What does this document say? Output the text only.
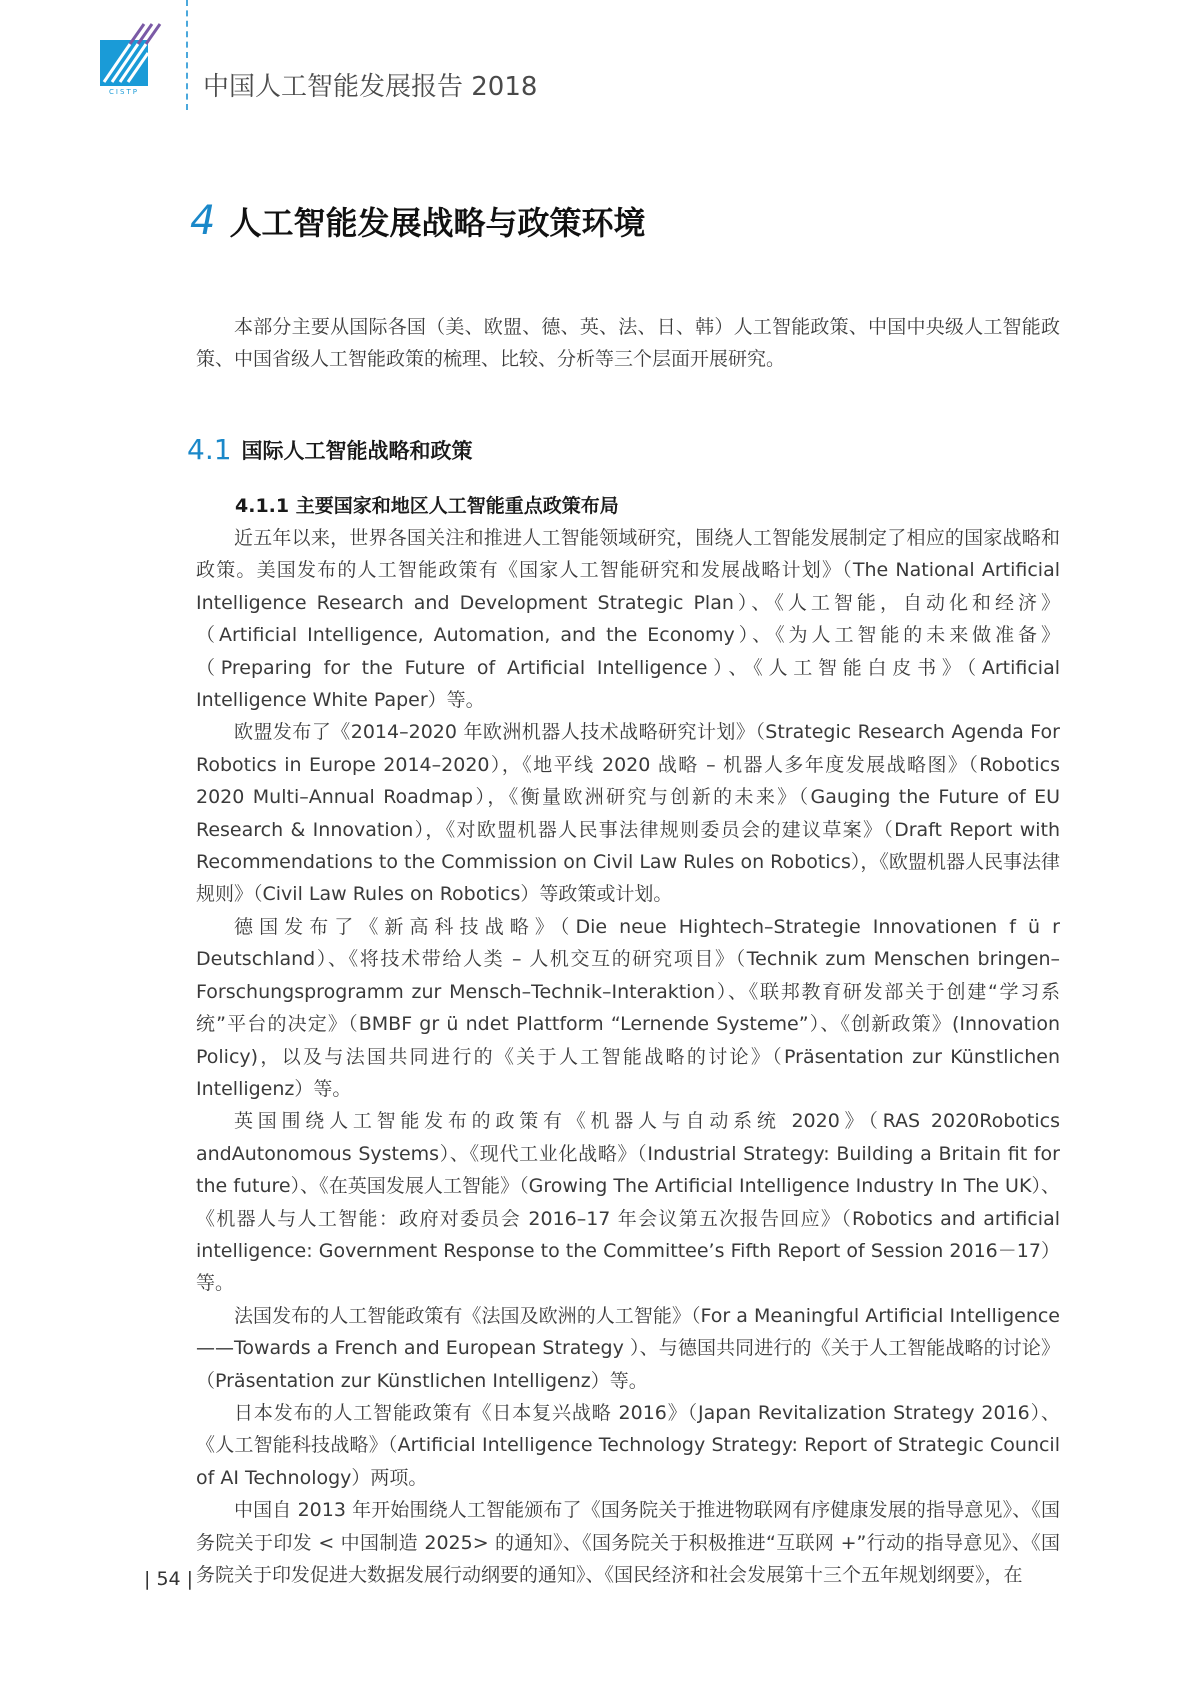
CISTP	中国人工智能发展报告 2018
4 人工智能发展战略与政策环境

本部分主要从国际各国（美、欧盟、德、英、法、日、韩）人工智能政策、中国中央级人工智能政策、中国省级人工智能政策的梳理、比较、分析等三个层面开展研究。

4.1 国际人工智能战略和政策
4.1.1 主要国家和地区人工智能重点政策布局

近五年以来，世界各国关注和推进人工智能领域研究，围绕人工智能发展制定了相应的国家战略和政策。美国发布的人工智能政策有《国家人工智能研究和发展战略计划》（The National Artificial Intelligence Research and Development Strategic Plan）、《人工智能，自动化和经济》（Artificial Intelligence, Automation, and the Economy）、《为人工智能的未来做准备》（Preparing for the Future of Artificial Intelligence）、《人工智能白皮书》（Artificial Intelligence White Paper）等。

欧盟发布了《2014–2020 年欧洲机器人技术战略研究计划》（Strategic Research Agenda For Robotics in Europe 2014–2020），《地平线 2020 战略 – 机器人多年度发展战略图》（Robotics 2020 Multi–Annual Roadmap），《衡量欧洲研究与创新的未来》（Gauging the Future of EU Research & Innovation），《对欧盟机器人民事法律规则委员会的建议草案》（Draft Report with Recommendations to the Commission on Civil Law Rules on Robotics），《欧盟机器人民事法律规则》（Civil Law Rules on Robotics）等政策或计划。

德国发布了《新高科技战略》（Die neue Hightech–Strategie Innovationen f ü r Deutschland）、《将技术带给人类 – 人机交互的研究项目》（Technik zum Menschen bringen–Forschungsprogramm zur Mensch–Technik–Interaktion）、《联邦教育研发部关于创建“学习系统”平台的决定》（BMBF gr ü ndet Plattform “Lernende Systeme”）、《创新政策》(Innovation Policy)，以及与法国共同进行的《关于人工智能战略的讨论》（Präsentation zur Künstlichen Intelligenz）等。

英国围绕人工智能发布的政策有《机器人与自动系统 2020》（RAS 2020Robotics andAutonomous Systems）、《现代工业化战略》（Industrial Strategy: Building a Britain fit for the future）、《在英国发展人工智能》（Growing The Artificial Intelligence Industry In The UK）、《机器人与人工智能：政府对委员会 2016–17 年会议第五次报告回应》（Robotics and artificial intelligence: Government Response to the Committee’s Fifth Report of Session 2016－17）等。

法国发布的人工智能政策有《法国及欧洲的人工智能》（For a Meaningful Artificial Intelligence——Towards a French and European Strategy ）、与德国共同进行的《关于人工智能战略的讨论》（Präsentation zur Künstlichen Intelligenz）等。

日本发布的人工智能政策有《日本复兴战略 2016》（Japan Revitalization Strategy 2016）、《人工智能科技战略》（Artificial Intelligence Technology Strategy: Report of Strategic Council of AI Technology）两项。

中国自 2013 年开始围绕人工智能颁布了《国务院关于推进物联网有序健康发展的指导意见》、《国务院关于印发 < 中国制造 2025> 的通知》、《国务院关于积极推进“互联网 +”行动的指导意见》、《国务院关于印发促进大数据发展行动纲要的通知》、《国民经济和社会发展第十三个五年规划纲要》，在

| 54 |
